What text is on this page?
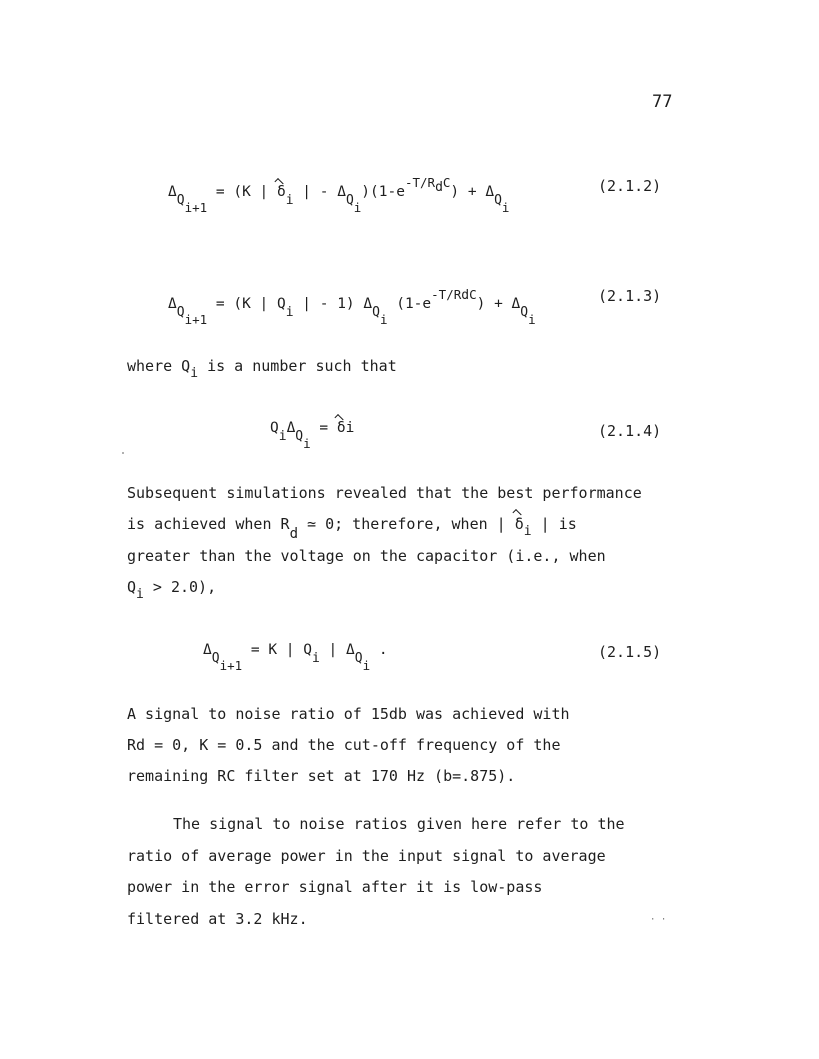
77
ΔQi+1 = (K | δi | - ΔQi)(1-e-T/RdC) + ΔQi
(2.1.2)
ΔQi+1 = (K | Qi | - 1) ΔQi (1-e-T/RdC) + ΔQi
(2.1.3)
where Qi is a number such that
QiΔQi = δi	(2.1.4)
Subsequent simulations revealed that the best performance
is achieved when Rd ≃ 0; therefore, when | δi | is
greater than the voltage on the capacitor (i.e., when
Qi > 2.0),
ΔQi+1 = K | Qi | ΔQi .	(2.1.5)
A signal to noise ratio of 15db was achieved with
Rd = 0, K = 0.5 and the cut-off frequency of the
remaining RC filter set at 170 Hz (b=.875).
The signal to noise ratios given here refer to the
ratio of average power in the input signal to average
power in the error signal after it is low-pass
filtered at 3.2 kHz.	· ·
